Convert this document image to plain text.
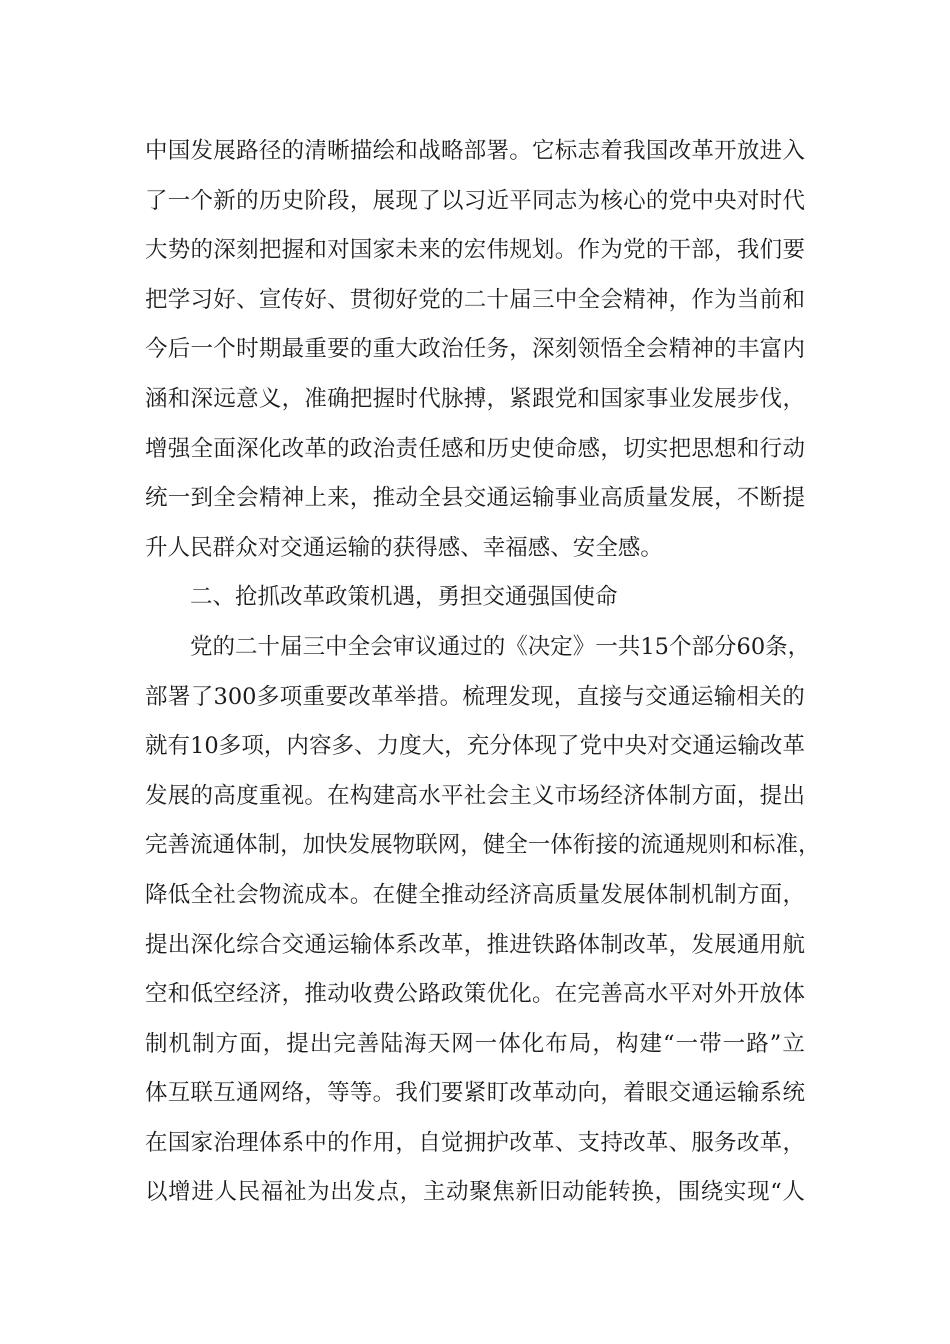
中 国 发 展 路 径 的 清 晰 描 绘 和 战 略 部 署 。 它 标 志 着 我 国 改 革 开 放 进 入
了 一 个 新 的 历 史 阶 段 ， 展 现 了 以 习 近 平 同 志 为 核 心 的 党 中 央 对 时 代
大 势 的 深 刻 把 握 和 对 国 家 未 来 的 宏 伟 规 划 。 作 为 党 的 干 部 ， 我 们 要
把 学 习 好 、 宣 传 好 、 贯 彻 好 党 的 二 十 届 三 中 全 会 精 神 ， 作 为 当 前 和
今 后 一 个 时 期 最 重 要 的 重 大 政 治 任 务 ， 深 刻 领 悟 全 会 精 神 的 丰 富 内
涵 和 深 远 意 义 ， 准 确 把 握 时 代 脉 搏 ， 紧 跟 党 和 国 家 事 业 发 展 步 伐 ，
增 强 全 面 深 化 改 革 的 政 治 责 任 感 和 历 史 使 命 感 ， 切 实 把 思 想 和 行 动
统 一 到 全 会 精 神 上 来 ， 推 动 全 县 交 通 运 输 事 业 高 质 量 发 展 ， 不 断 提
升 人 民 群 众 对 交 通 运 输 的 获 得 感 、 幸 福 感 、 安 全 感 。
二、抢抓改革政策机遇，勇担交通强国使命
党 的 二 十 届 三 中 全 会 审 议 通 过 的 《 决 定 》 一 共 15 个 部 分 60 条 ，
部 署 了 300 多 项 重 要 改 革 举 措 。 梳 理 发 现 ， 直 接 与 交 通 运 输 相 关 的
就 有 10 多 项 ， 内 容 多 、 力 度 大 ， 充 分 体 现 了 党 中 央 对 交 通 运 输 改 革
发 展 的 高 度 重 视 。 在 构 建 高 水 平 社 会 主 义 市 场 经 济 体 制 方 面 ， 提 出
完 善 流 通 体 制 ， 加 快 发 展 物 联 网 ， 健 全 一 体 衔 接 的 流 通 规 则 和 标 准 ，
降 低 全 社 会 物 流 成 本 。 在 健 全 推 动 经 济 高 质 量 发 展 体 制 机 制 方 面 ，
提 出 深 化 综 合 交 通 运 输 体 系 改 革 ， 推 进 铁 路 体 制 改 革 ， 发 展 通 用 航
空 和 低 空 经 济 ， 推 动 收 费 公 路 政 策 优 化 。 在 完 善 高 水 平 对 外 开 放 体
制 机 制 方 面 ， 提 出 完 善 陆 海 天 网 一 体 化 布 局 ， 构 建 “ 一 带 一 路 ” 立
体 互 联 互 通 网 络 ， 等 等 。 我 们 要 紧 盯 改 革 动 向 ， 着 眼 交 通 运 输 系 统
在 国 家 治 理 体 系 中 的 作 用 ， 自 觉 拥 护 改 革 、 支 持 改 革 、 服 务 改 革 ，
以 增 进 人 民 福 祉 为 出 发 点 ， 主 动 聚 焦 新 旧 动 能 转 换 ， 围 绕 实 现 “ 人
